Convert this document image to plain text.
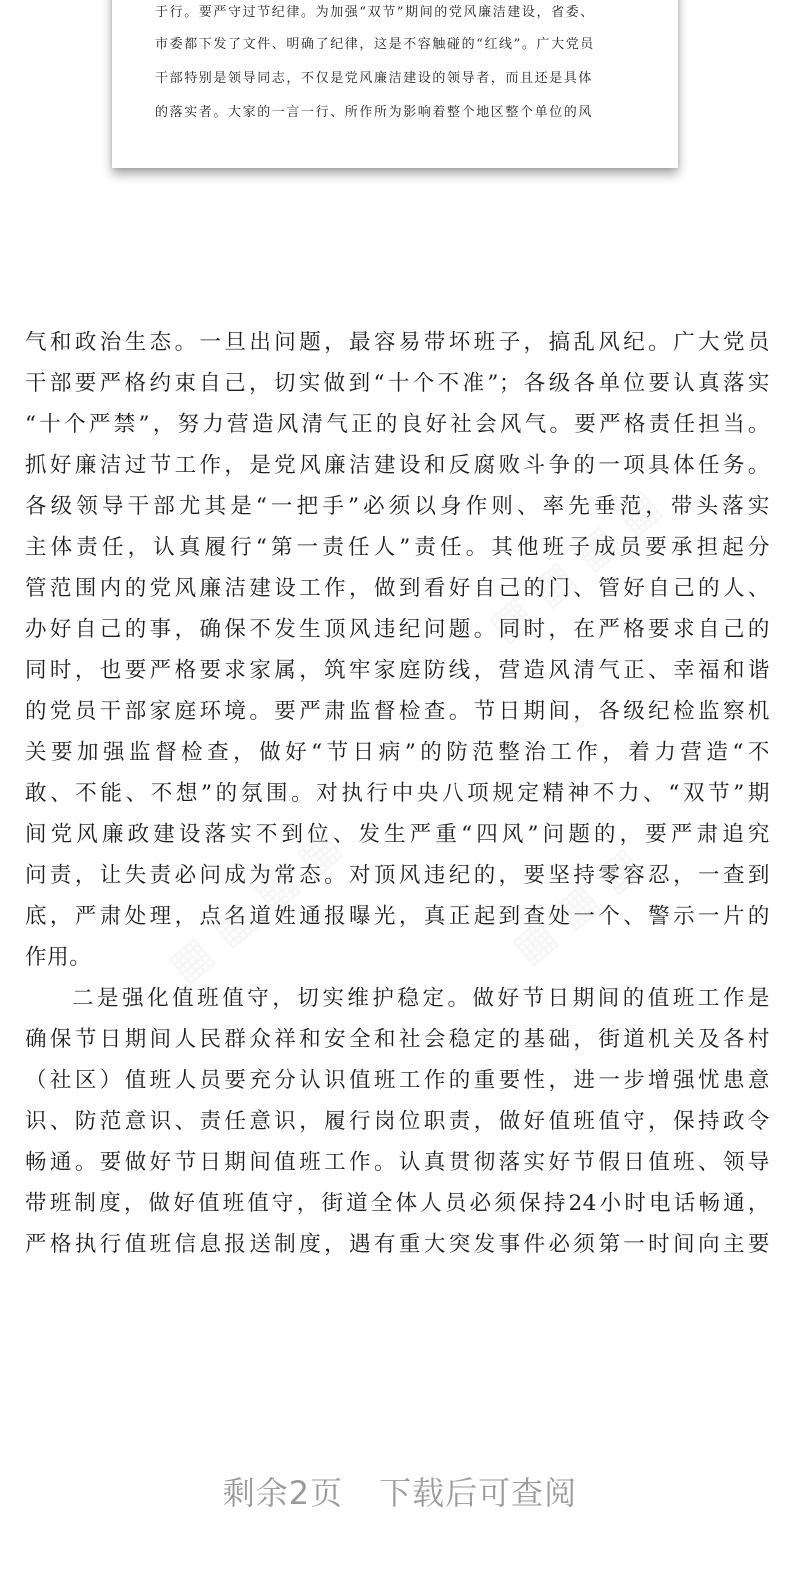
于行。要严守过节纪律。为加强“双节”期间的党风廉洁建设，省委、
市委都下发了文件、明确了纪律，这是不容触碰的“红线”。广大党员
干部特别是领导同志，不仅是党风廉洁建设的领导者，而且还是具体
的落实者。大家的一言一行、所作所为影响着整个地区整个单位的风
气和政治生态。一旦出问题，最容易带坏班子，搞乱风纪。广大党员
干部要严格约束自己，切实做到“十个不准”；各级各单位要认真落实
“十个严禁”，努力营造风清气正的良好社会风气。要严格责任担当。
抓好廉洁过节工作，是党风廉洁建设和反腐败斗争的一项具体任务。
各级领导干部尤其是“一把手”必须以身作则、率先垂范，带头落实
主体责任，认真履行“第一责任人”责任。其他班子成员要承担起分
管范围内的党风廉洁建设工作，做到看好自己的门、管好自己的人、
办好自己的事，确保不发生顶风违纪问题。同时，在严格要求自己的
同时，也要严格要求家属，筑牢家庭防线，营造风清气正、幸福和谐
的党员干部家庭环境。要严肃监督检查。节日期间，各级纪检监察机
关要加强监督检查，做好“节日病”的防范整治工作，着力营造“不
敢、不能、不想”的氛围。对执行中央八项规定精神不力、“双节”期
间党风廉政建设落实不到位、发生严重“四风”问题的，要严肃追究
问责，让失责必问成为常态。对顶风违纪的，要坚持零容忍，一查到
底，严肃处理，点名道姓通报曝光，真正起到查处一个、警示一片的
作用。
二是强化值班值守，切实维护稳定。做好节日期间的值班工作是
确保节日期间人民群众祥和安全和社会稳定的基础，街道机关及各村
（社区）值班人员要充分认识值班工作的重要性，进一步增强忧患意
识、防范意识、责任意识，履行岗位职责，做好值班值守，保持政令
畅通。要做好节日期间值班工作。认真贯彻落实好节假日值班、领导
带班制度，做好值班值守，街道全体人员必须保持24小时电话畅通，
严格执行值班信息报送制度，遇有重大突发事件必须第一时间向主要
剩余2页 下载后可查阅
